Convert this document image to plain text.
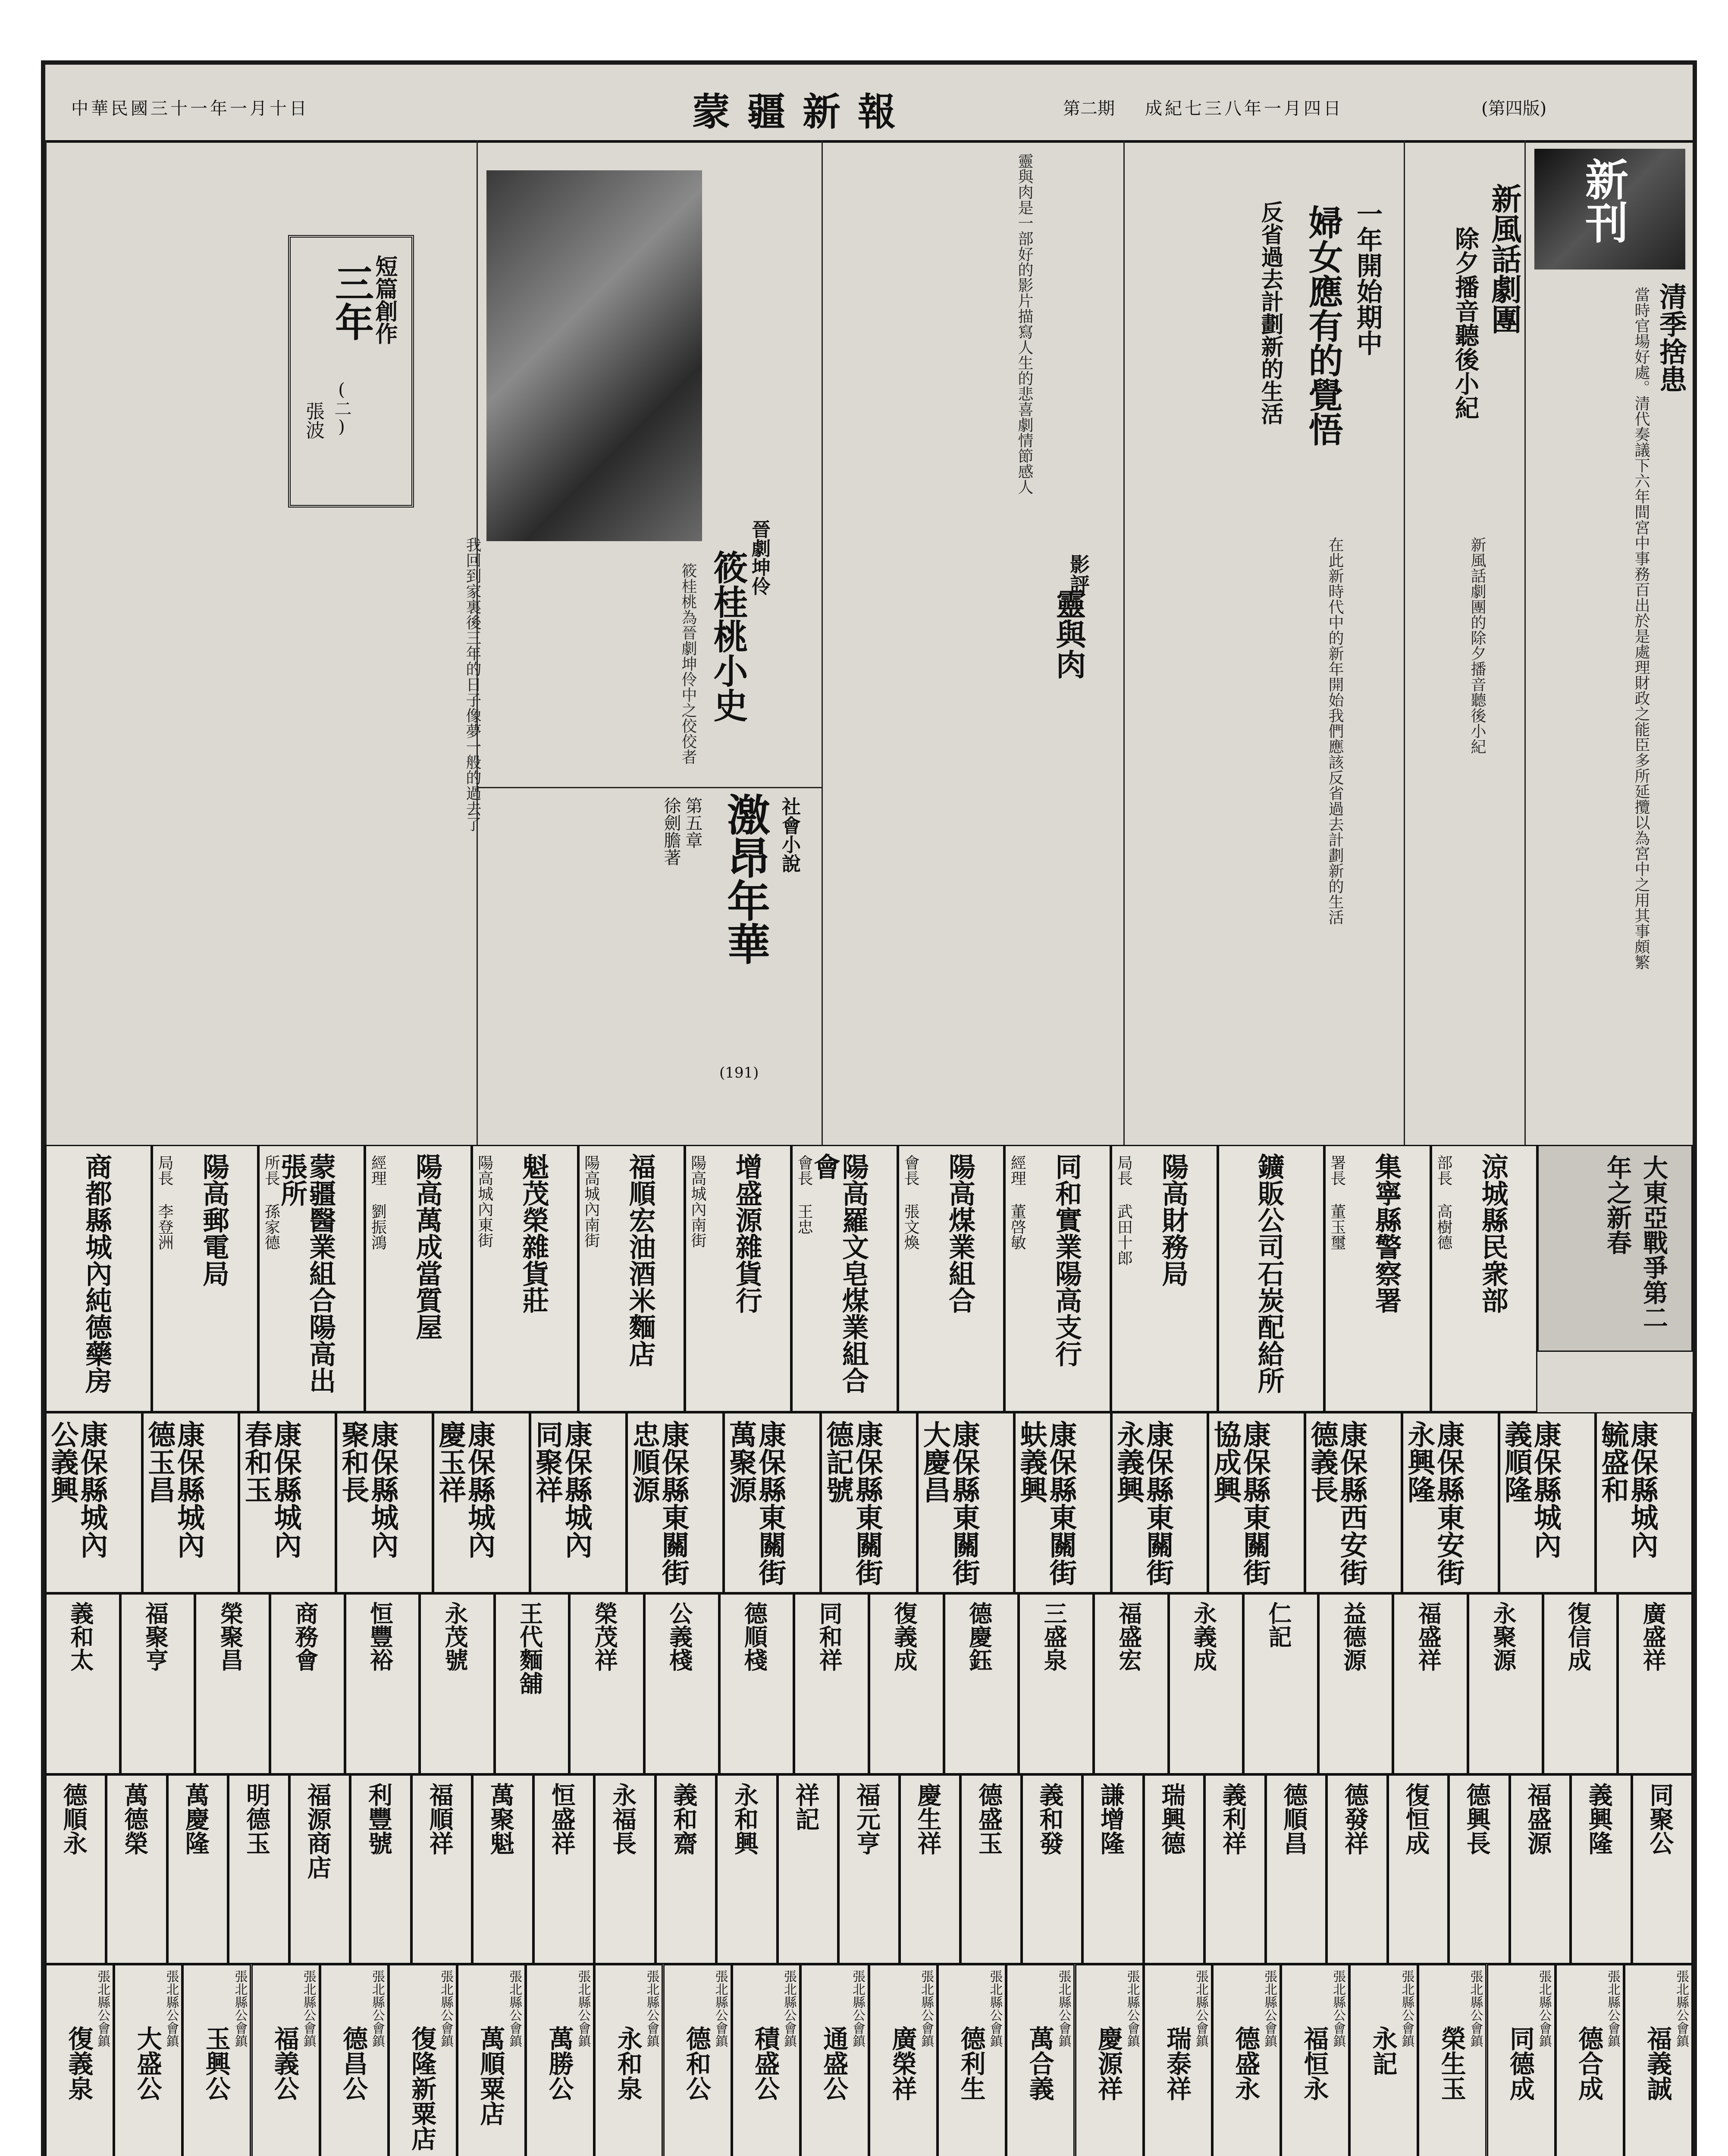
中華民國三十一年一月十日	蒙疆新報	第二期 成紀七三八年一月四日	(第四版)
新刊
清季捨患
當時官場好處。清代奏議下六年間宮中事務百出於是處理財政之能臣多所延攬以為宮中之用其事頗繁
新風話劇團
除夕播音聽後小紀
新風話劇團的除夕播音聽後小紀
一年開始期中
婦女應有的覺悟
反省過去計劃新的生活
在此新時代中的新年開始我們應該反省過去計劃新的生活
靈與肉
影評
靈與肉是一部好的影片描寫人生的悲喜劇情節感人
晉劇坤伶
筱桂桃小史
筱桂桃為晉劇坤伶中之佼佼者
社會小說
激昂年華
第五章
徐劍膽著
(191)
短篇創作
三年
(二)
張波
我回到家裏後三年的日子像夢一般的過去了
大東亞戰爭第二年之新春
涼城縣民衆部
部長 高樹德
集寧縣警察署
署長 董玉璽
鑛販公司石炭配給所
陽高財務局
局長 武田十郎
同和實業陽高支行
經理 董啓敏
陽高煤業組合
會長 張文煥
陽高羅文皂煤業組合會
會長 王忠
增盛源雜貨行
陽高城內南街
福順宏油酒米麵店
陽高城內南街
魁茂榮雜貨莊
陽高城內東街
陽高萬成當質屋
經理 劉振鴻
蒙疆醫業組合陽高出張所
所長 孫家德
陽高郵電局
局長 李登洲
商都縣城內純德藥房
康保縣城內 毓盛和
康保縣城內 義順隆
康保縣東安街 永興隆
康保縣西安街 德義長
康保縣東關街 協成興
康保縣東關街 永義興
康保縣東關街 蚨義興
康保縣東關街 大慶昌
康保縣東關街 德記號
康保縣東關街 萬聚源
康保縣東關街 忠順源
康保縣城內 同聚祥
康保縣城內 慶玉祥
康保縣城內 聚和長
康保縣城內 春和玉
康保縣城內 德玉昌
康保縣城內 公義興
廣盛祥
復信成
永聚源
福盛祥
益德源
仁記
永義成
福盛宏
三盛泉
德慶鈺
復義成
同和祥
德順棧
公義棧
榮茂祥
王代麵舖
永茂號
恒豐裕
商務會
榮聚昌
福聚亨
義和太
同聚公
義興隆
福盛源
德興長
復恒成
德發祥
德順昌
義利祥
瑞興德
謙增隆
義和發
德盛玉
慶生祥
福元亨
祥記
永和興
義和齋
永福長
恒盛祥
萬聚魁
福順祥
利豐號
福源商店
明德玉
萬慶隆
萬德榮
德順永
福義誠
張北縣公會鎮
德合成
張北縣公會鎮
同德成
張北縣公會鎮
榮生玉
張北縣公會鎮
永記
張北縣公會鎮
福恒永
張北縣公會鎮
德盛永
張北縣公會鎮
瑞泰祥
張北縣公會鎮
慶源祥
張北縣公會鎮
萬合義
張北縣公會鎮
德利生
張北縣公會鎮
廣榮祥
張北縣公會鎮
通盛公
張北縣公會鎮
積盛公
張北縣公會鎮
德和公
張北縣公會鎮
永和泉
張北縣公會鎮
萬勝公
張北縣公會鎮
萬順粟店
張北縣公會鎮
復隆新粟店
張北縣公會鎮
德昌公
張北縣公會鎮
福義公
張北縣公會鎮
玉興公
張北縣公會鎮
大盛公
張北縣公會鎮
復義泉
張北縣公會鎮
